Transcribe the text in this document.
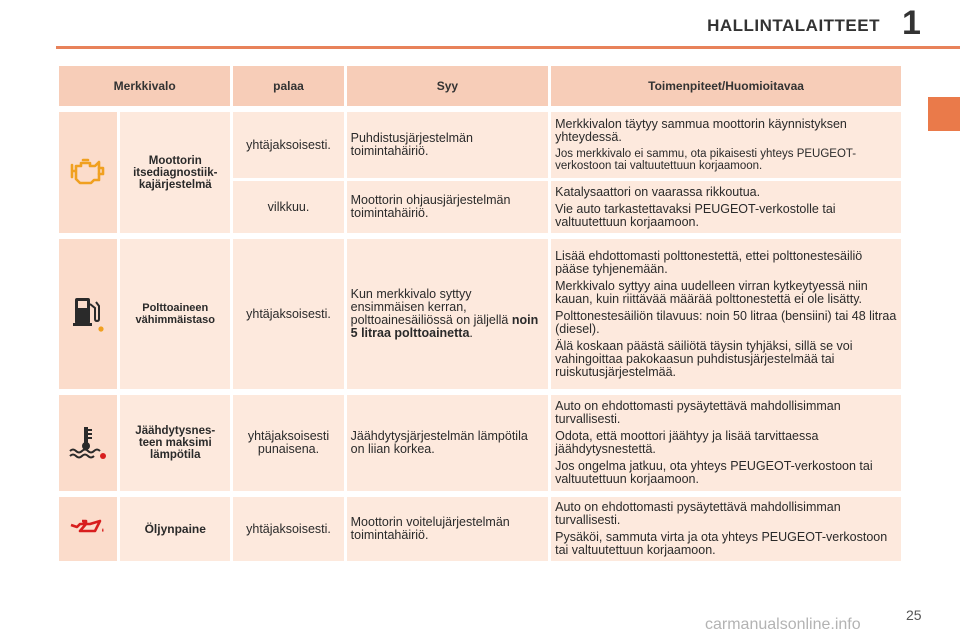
HALLINTALAITTEET 1
Merkkivalo		palaa	Syy	Toimenpiteet/Huomioitavaa

	Moottorin itsediagnostiik-kajärjestelmä	yhtäjaksoisesti.	Puhdistusjärjestelmän toimintahäiriö.	Merkkivalon täytyy sammua moottorin käynnistyksen yhteydessä.

Jos merkkivalo ei sammu, ota pikaisesti yhteys PEUGEOT-verkostoon tai valtuutettuun korjaamoon.

		vilkkuu.	Moottorin ohjausjärjestelmän toimintahäiriö.	Katalysaattori on vaarassa rikkoutua.

Vie auto tarkastettavaksi PEUGEOT-verkostolle tai valtuutettuun korjaamoon.

	Polttoaineen vähimmäistaso	yhtäjaksoisesti.	Kun merkkivalo syttyy ensimmäisen kerran, polttoainesäiliössä on jäljellä noin 5 litraa polttoainetta.	Lisää ehdottomasti polttonestettä, ettei polttonestesäiliö pääse tyhjenemään.

Merkkivalo syttyy aina uudelleen virran kytkeytyessä niin kauan, kuin riittävää määrää polttonestettä ei ole lisätty.

Polttonestesäiliön tilavuus: noin 50 litraa (bensiini) tai 48 litraa (diesel).

Älä koskaan päästä säiliötä täysin tyhjäksi, sillä se voi vahingoittaa pakokaasun puhdistusjärjestelmää tai ruiskutusjärjestelmää.

	Jäähdytysnes-teen maksimi lämpötila	yhtäjaksoisesti punaisena.	Jäähdytysjärjestelmän lämpötila on liian korkea.	Auto on ehdottomasti pysäytettävä mahdollisimman turvallisesti.

Odota, että moottori jäähtyy ja lisää tarvittaessa jäähdytysnestettä.

Jos ongelma jatkuu, ota yhteys PEUGEOT-verkostoon tai valtuutettuun korjaamoon.

	Öljynpaine	yhtäjaksoisesti.	Moottorin voitelujärjestelmän toimintahäiriö.	Auto on ehdottomasti pysäytettävä mahdollisimman turvallisesti.

Pysäköi, sammuta virta ja ota yhteys PEUGEOT-verkostoon tai valtuutettuun korjaamoon.

25
carmanualsonline.info
